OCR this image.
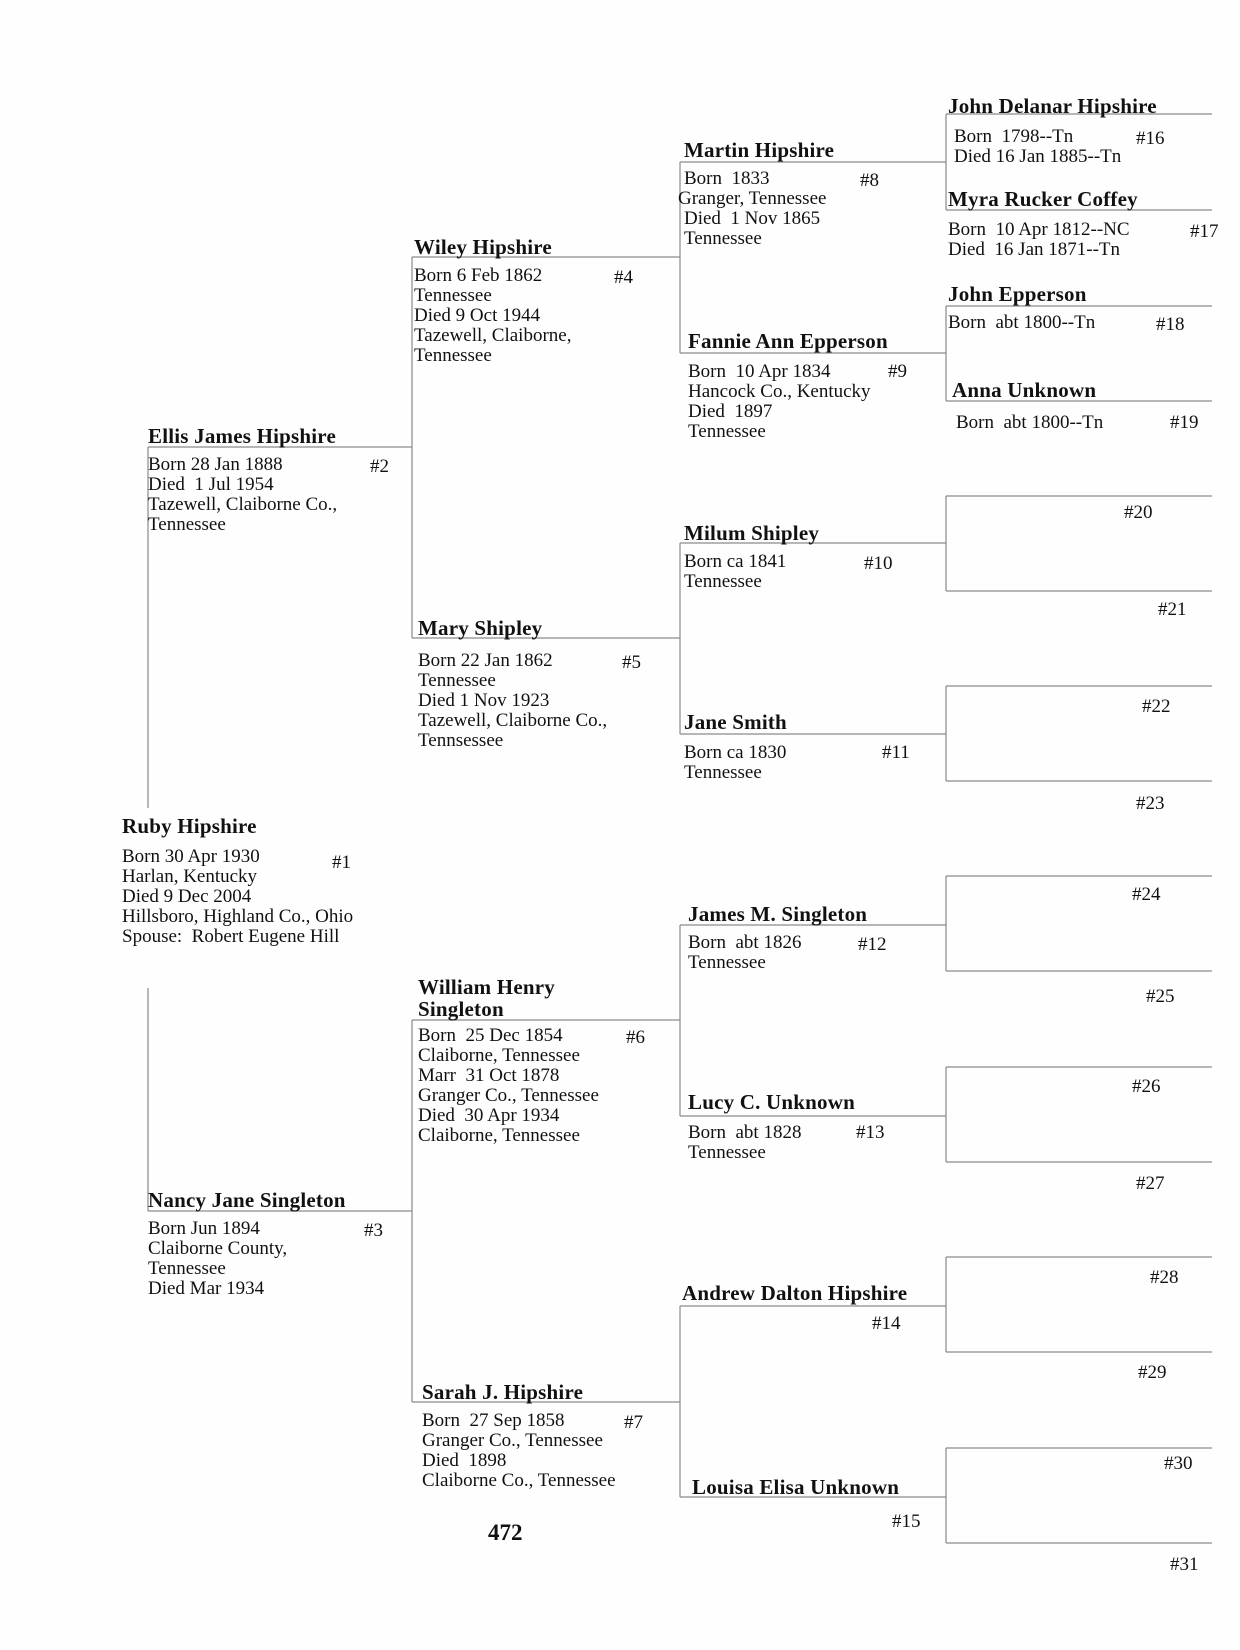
Ruby Hipshire
Born 30 Apr 1930
Harlan, Kentucky
Died 9 Dec 2004
Hillsboro, Highland Co., Ohio
Spouse:  Robert Eugene Hill
#1
Ellis James Hipshire
Born 28 Jan 1888
Died  1 Jul 1954
Tazewell, Claiborne Co.,
Tennessee
#2
Nancy Jane Singleton
Born Jun 1894
Claiborne County,
Tennessee
Died Mar 1934
#3
Wiley Hipshire
Born 6 Feb 1862
Tennessee
Died 9 Oct 1944
Tazewell, Claiborne,
Tennessee
#4
Mary Shipley
Born 22 Jan 1862
Tennessee
Died 1 Nov 1923
Tazewell, Claiborne Co.,
Tennsessee
#5
William Henry
Singleton
Born  25 Dec 1854
Claiborne, Tennessee
Marr  31 Oct 1878
Granger Co., Tennessee
Died  30 Apr 1934
Claiborne, Tennessee
#6
Sarah J. Hipshire
Born  27 Sep 1858
Granger Co., Tennessee
Died  1898
Claiborne Co., Tennessee
#7
Martin Hipshire
Born  1833
Granger, Tennessee
Died  1 Nov 1865
Tennessee
#8
Fannie Ann Epperson
Born  10 Apr 1834
Hancock Co., Kentucky
Died  1897
Tennessee
#9
Milum Shipley
Born ca 1841
Tennessee
#10
Jane Smith
Born ca 1830
Tennessee
#11
James M. Singleton
Born  abt 1826
Tennessee
#12
Lucy C. Unknown
Born  abt 1828
Tennessee
#13
Andrew Dalton Hipshire
#14
Louisa Elisa Unknown
#15
John Delanar Hipshire
Born  1798--Tn
Died 16 Jan 1885--Tn
#16
Myra Rucker Coffey
Born  10 Apr 1812--NC
Died  16 Jan 1871--Tn
#17
John Epperson
Born  abt 1800--Tn	#18
Anna Unknown
Born  abt 1800--Tn	#19
#20
#21
#22
#23
#24
#25
#26
#27
#28
#29
#30
#31
472
